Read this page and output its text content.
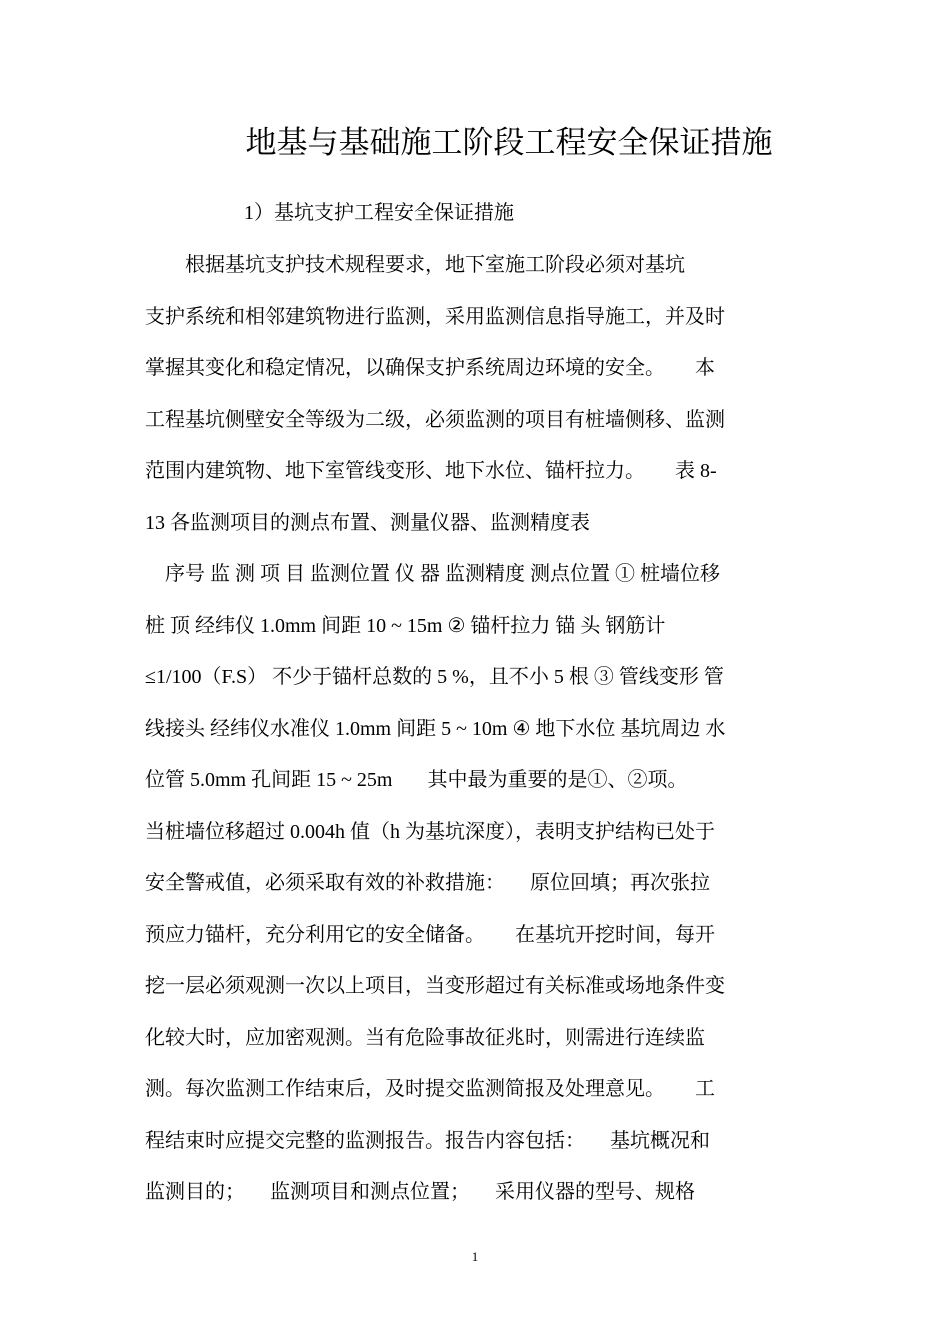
地基与基础施工阶段工程安全保证措施
1）基坑支护工程安全保证措施
根据基坑支护技术规程要求，地下室施工阶段必须对基坑
支护系统和相邻建筑物进行监测，采用监测信息指导施工，并及时
掌握其变化和稳定情况，以确保支护系统周边环境的安全。      本
工程基坑侧壁安全等级为二级，必须监测的项目有桩墙侧移、监测
范围内建筑物、地下室管线变形、地下水位、锚杆拉力。      表 8-
13 各监测项目的测点布置、测量仪器、监测精度表
序号 监 测 项 目 监测位置 仪 器 监测精度 测点位置 ① 桩墙位移
桩 顶 经纬仪 1.0mm 间距 10 ~ 15m ② 锚杆拉力 锚 头 钢筋计
≤1/100（F.S） 不少于锚杆总数的 5 %，且不小 5 根 ③ 管线变形 管
线接头 经纬仪水准仪 1.0mm 间距 5 ~ 10m ④ 地下水位 基坑周边 水
位管 5.0mm 孔间距 15 ~ 25m       其中最为重要的是①、②项。
当桩墙位移超过 0.004h 值（h 为基坑深度），表明支护结构已处于
安全警戒值，必须采取有效的补救措施：     原位回填；再次张拉
预应力锚杆，充分利用它的安全储备。      在基坑开挖时间，每开
挖一层必须观测一次以上项目，当变形超过有关标准或场地条件变
化较大时，应加密观测。当有危险事故征兆时，则需进行连续监
测。每次监测工作结束后，及时提交监测简报及处理意见。      工
程结束时应提交完整的监测报告。报告内容包括：     基坑概况和
监测目的；     监测项目和测点位置；     采用仪器的型号、规格
1
